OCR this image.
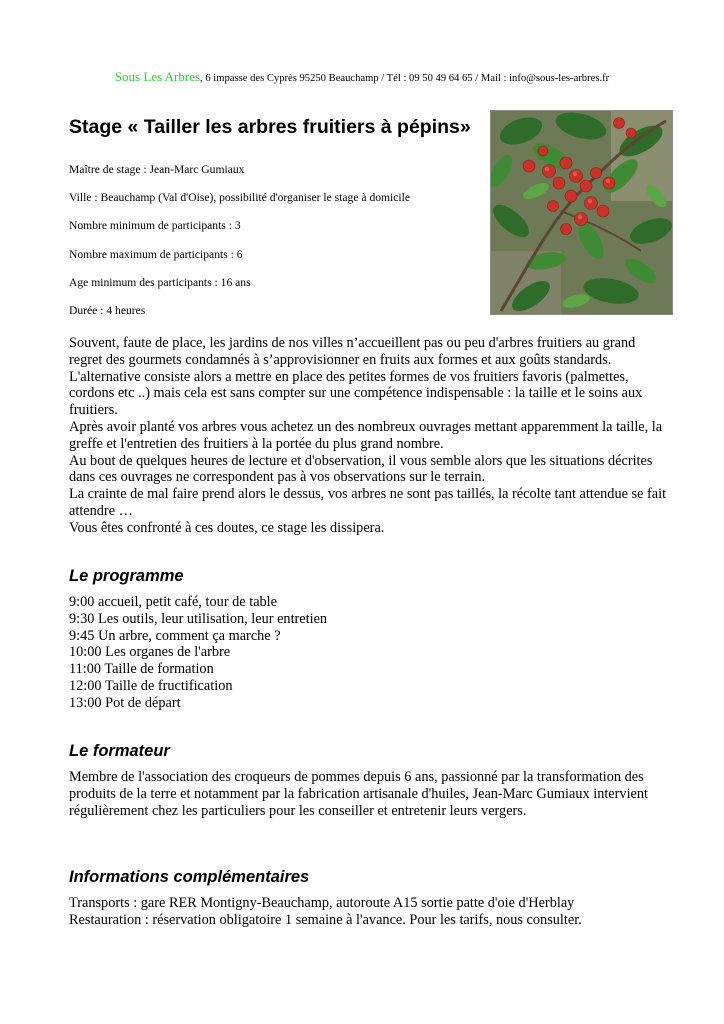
Sous Les Arbres, 6 impasse des Cyprès 95250 Beauchamp / Tél : 09 50 49 64 65 / Mail : info@sous-les-arbres.fr
Stage « Tailler les arbres fruitiers à pépins»
Maître de stage : Jean-Marc Gumiaux
Ville : Beauchamp (Val d'Oise), possibilité d'organiser le stage à domicile
Nombre minimum de participants : 3
Nombre maximum de participants : 6
Age minimum des participants : 16 ans
Durée : 4 heures

Souvent, faute de place, les jardins de nos villes n’accueillent pas ou peu d'arbres fruitiers au grand regret des gourmets condamnés à s’approvisionner en fruits aux formes et aux goûts standards.

L'alternative consiste alors a mettre en place des petites formes de vos fruitiers favoris (palmettes, cordons etc ..) mais cela est sans compter sur une compétence indispensable : la taille et le soins aux fruitiers.

Après avoir planté vos arbres vous achetez un des nombreux ouvrages mettant apparemment la taille, la greffe et l'entretien des fruitiers à la portée du plus grand nombre.

Au bout de quelques heures de lecture et d'observation, il vous semble alors que les situations décrites dans ces ouvrages ne correspondent pas à vos observations sur le terrain.

La crainte de mal faire prend alors le dessus, vos arbres ne sont pas taillés, la récolte tant attendue se fait attendre …

Vous êtes confronté à ces doutes, ce stage les dissipera.

Le programme
9:00 accueil, petit café, tour de table
9:30 Les outils, leur utilisation, leur entretien
9:45 Un arbre, comment ça marche ?
10:00 Les organes de l'arbre
11:00 Taille de formation
12:00 Taille de fructification
13:00 Pot de départ
Le formateur

Membre de l'association des croqueurs de pommes depuis 6 ans, passionné par la transformation des produits de la terre et notamment par la fabrication artisanale d'huiles, Jean-Marc Gumiaux intervient régulièrement chez les particuliers pour les conseiller et entretenir leurs vergers.

Informations complémentaires

Transports : gare RER Montigny-Beauchamp, autoroute A15 sortie patte d'oie d'Herblay

Restauration : réservation obligatoire 1 semaine à l'avance. Pour les tarifs, nous consulter.
